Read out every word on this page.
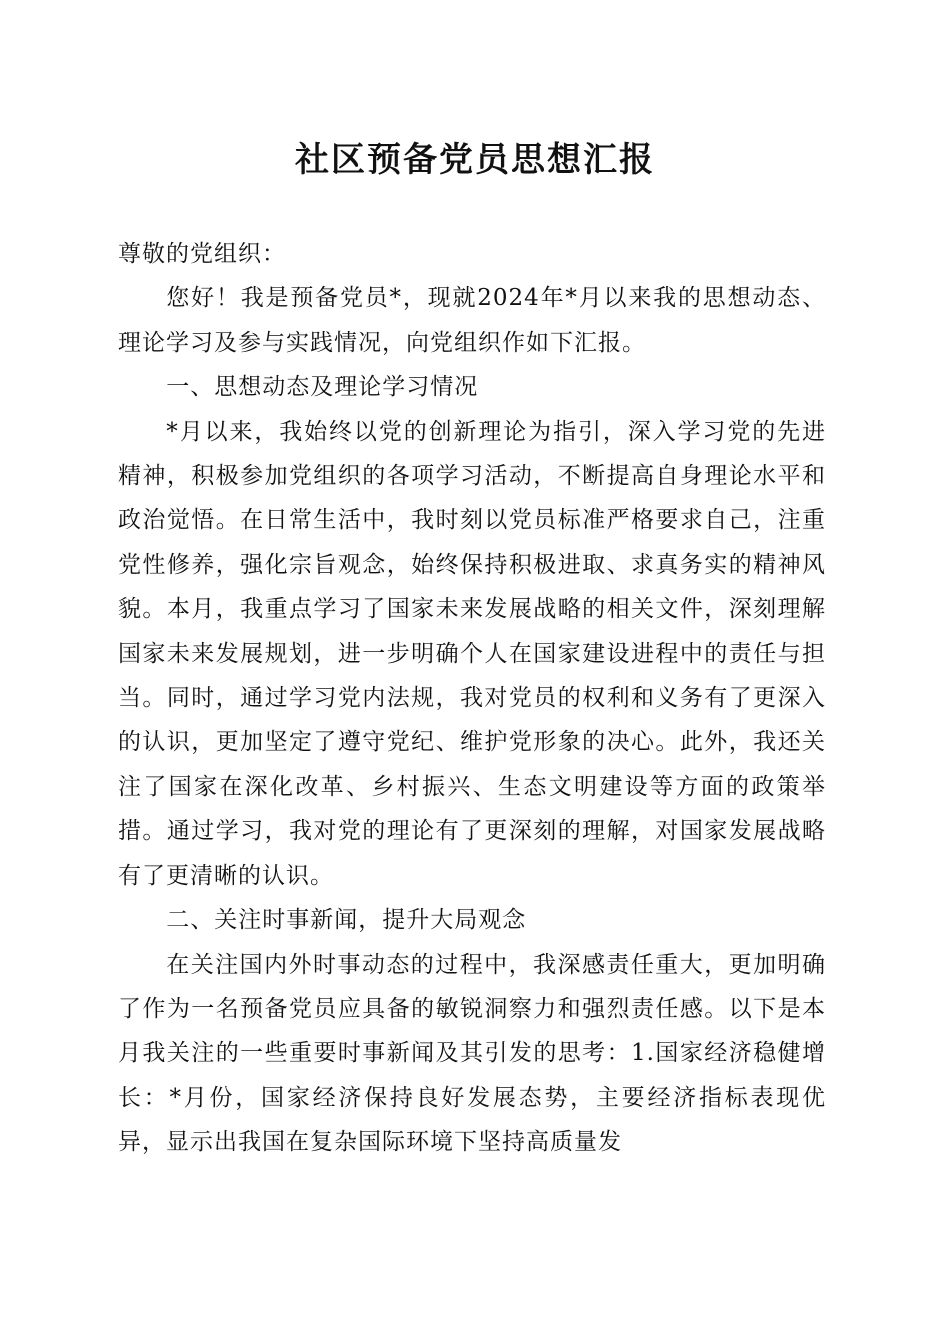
社区预备党员思想汇报

尊敬的党组织：

您好！我是预备党员*，现就2024年*月以来我的思想动态、理论学习及参与实践情况，向党组织作如下汇报。

一、思想动态及理论学习情况

*月以来，我始终以党的创新理论为指引，深入学习党的先进精神，积极参加党组织的各项学习活动，不断提高自身理论水平和政治觉悟。在日常生活中，我时刻以党员标准严格要求自己，注重党性修养，强化宗旨观念，始终保持积极进取、求真务实的精神风貌。本月，我重点学习了国家未来发展战略的相关文件，深刻理解国家未来发展规划，进一步明确个人在国家建设进程中的责任与担当。同时，通过学习党内法规，我对党员的权利和义务有了更深入的认识，更加坚定了遵守党纪、维护党形象的决心。此外，我还关注了国家在深化改革、乡村振兴、生态文明建设等方面的政策举措。通过学习，我对党的理论有了更深刻的理解，对国家发展战略有了更清晰的认识。

二、关注时事新闻，提升大局观念

在关注国内外时事动态的过程中，我深感责任重大，更加明确了作为一名预备党员应具备的敏锐洞察力和强烈责任感。以下是本月我关注的一些重要时事新闻及其引发的思考：1.国家经济稳健增长：*月份，国家经济保持良好发展态势，主要经济指标表现优异，显示出我国在复杂国际环境下坚持高质量发
